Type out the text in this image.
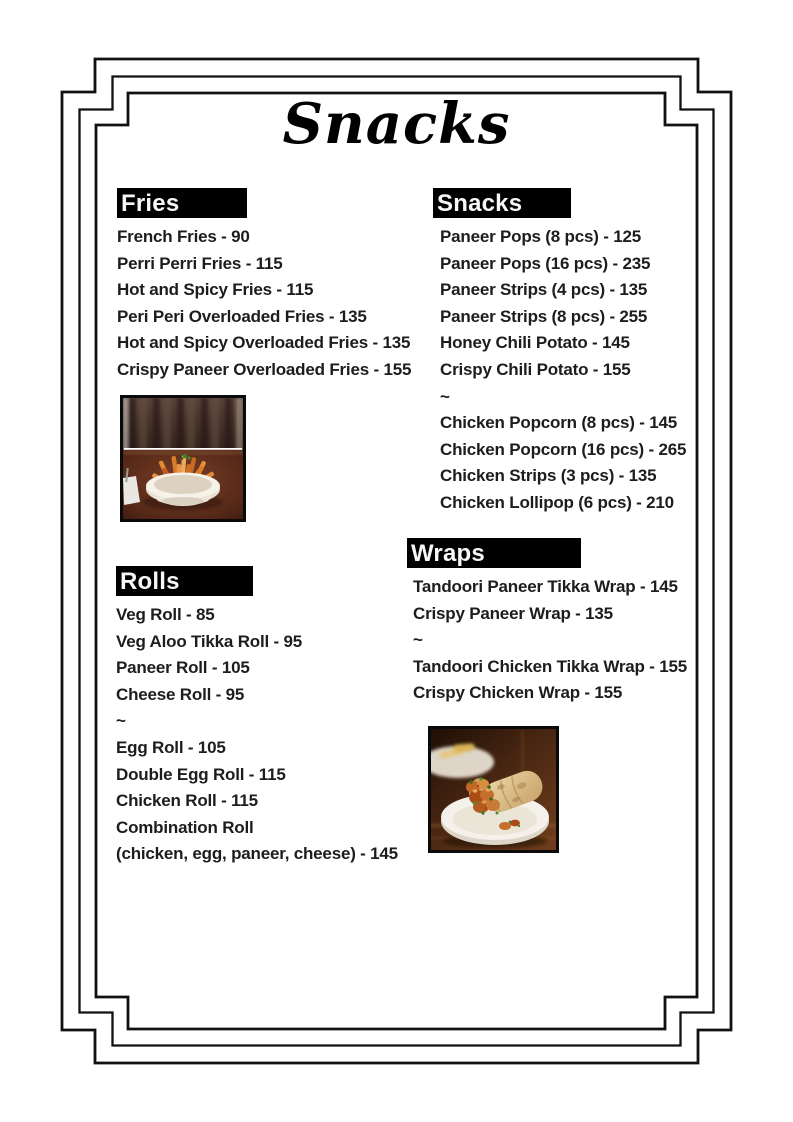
Snacks
Fries
French Fries - 90
Perri Perri Fries - 115
Hot and Spicy Fries - 115
Peri Peri Overloaded Fries - 135
Hot and Spicy Overloaded Fries - 135
Crispy Paneer Overloaded Fries - 155
Snacks
Paneer Pops (8 pcs) - 125
Paneer Pops (16 pcs) - 235
Paneer Strips (4 pcs) - 135
Paneer Strips (8 pcs) - 255
Honey Chili Potato - 145
Crispy Chili Potato - 155
~
Chicken Popcorn (8 pcs) - 145
Chicken Popcorn (16 pcs) - 265
Chicken Strips (3 pcs) - 135
Chicken Lollipop (6 pcs) - 210
Rolls
Veg Roll - 85
Veg Aloo Tikka Roll - 95
Paneer Roll - 105
Cheese Roll - 95
~
Egg Roll - 105
Double Egg Roll - 115
Chicken Roll - 115
Combination Roll
(chicken, egg, paneer, cheese) - 145
Wraps
Tandoori Paneer Tikka Wrap - 145
Crispy Paneer Wrap - 135
~
Tandoori Chicken Tikka Wrap - 155
Crispy Chicken Wrap - 155
